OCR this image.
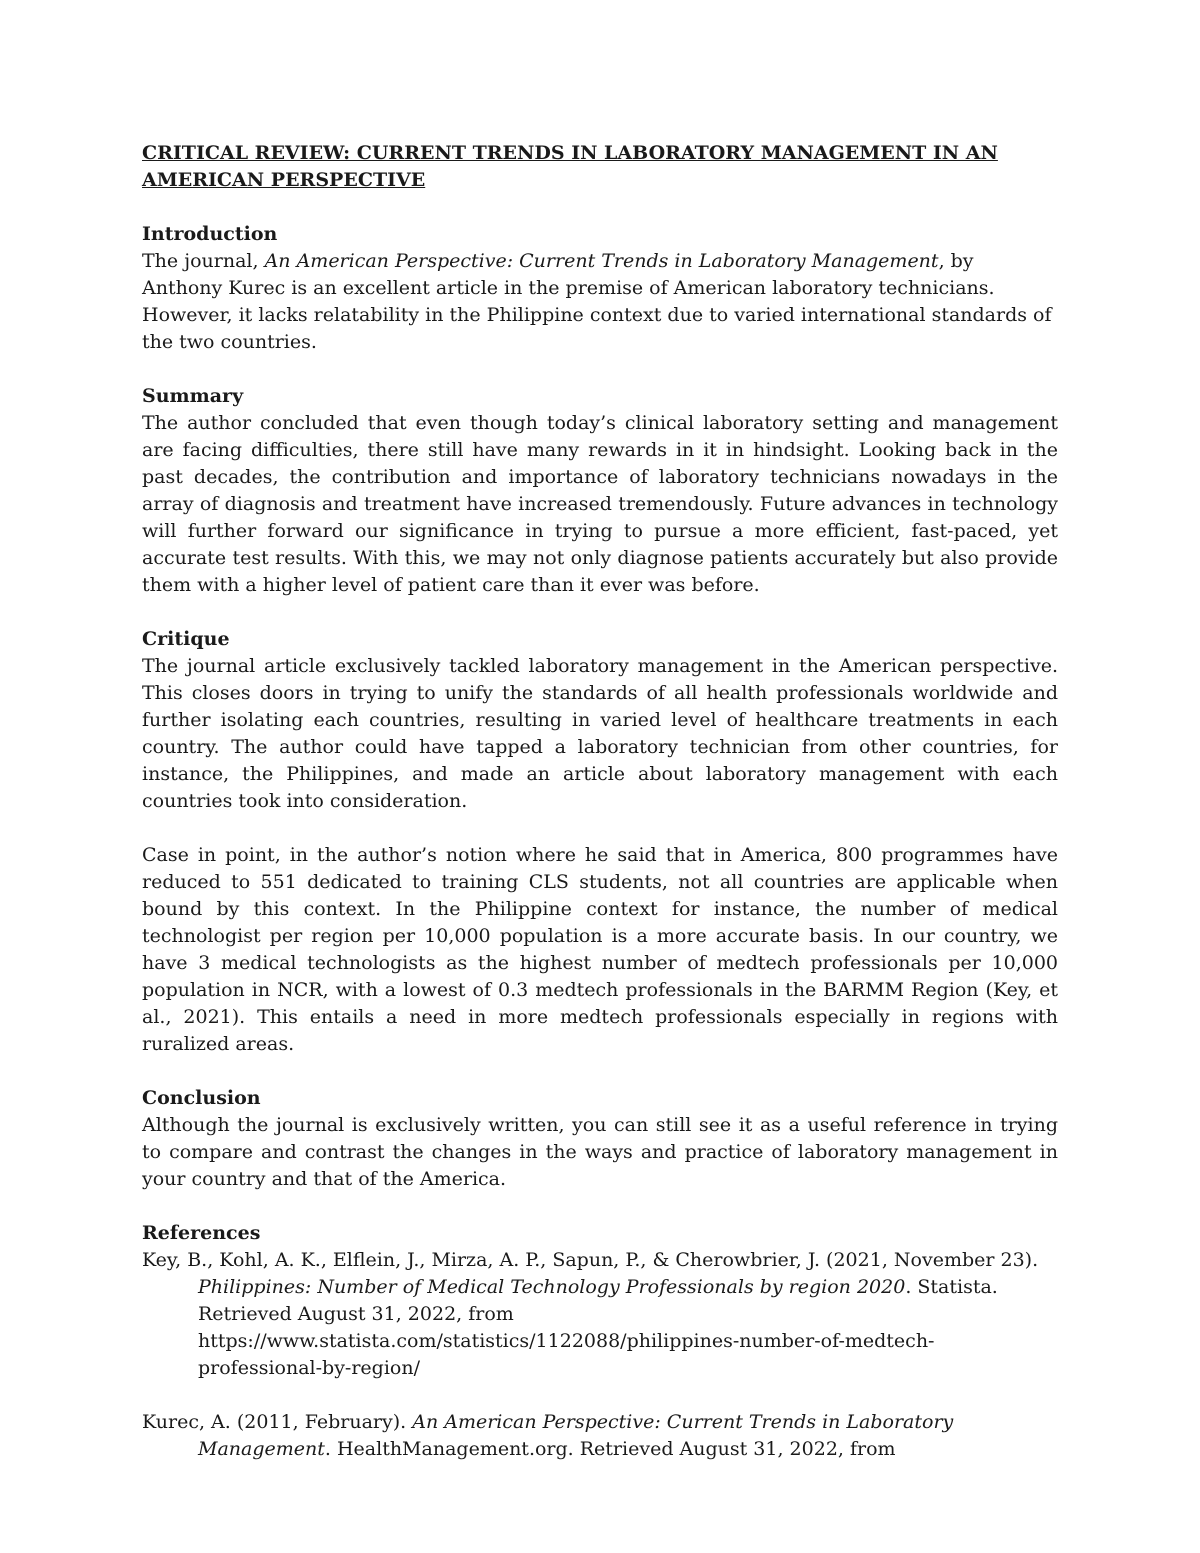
CRITICAL REVIEW: CURRENT TRENDS IN LABORATORY MANAGEMENT IN AN AMERICAN PERSPECTIVE

Introduction

The journal, An American Perspective: Current Trends in Laboratory Management, by Anthony Kurec is an excellent article in the premise of American laboratory technicians. However, it lacks relatability in the Philippine context due to varied international standards of the two countries.

Summary

The author concluded that even though today’s clinical laboratory setting and management are facing difficulties, there still have many rewards in it in hindsight. Looking back in the past decades, the contribution and importance of laboratory technicians nowadays in the array of diagnosis and treatment have increased tremendously. Future advances in technology will further forward our significance in trying to pursue a more efficient, fast-paced, yet accurate test results. With this, we may not only diagnose patients accurately but also provide them with a higher level of patient care than it ever was before.

Critique

The journal article exclusively tackled laboratory management in the American perspective. This closes doors in trying to unify the standards of all health professionals worldwide and further isolating each countries, resulting in varied level of healthcare treatments in each country. The author could have tapped a laboratory technician from other countries, for instance, the Philippines, and made an article about laboratory management with each countries took into consideration.

Case in point, in the author’s notion where he said that in America, 800 programmes have reduced to 551 dedicated to training CLS students, not all countries are applicable when bound by this context. In the Philippine context for instance, the number of medical technologist per region per 10,000 population is a more accurate basis. In our country, we have 3 medical technologists as the highest number of medtech professionals per 10,000 population in NCR, with a lowest of 0.3 medtech professionals in the BARMM Region (Key, et al., 2021). This entails a need in more medtech professionals especially in regions with ruralized areas.

Conclusion

Although the journal is exclusively written, you can still see it as a useful reference in trying to compare and contrast the changes in the ways and practice of laboratory management in your country and that of the America.

References

Key, B., Kohl, A. K., Elflein, J., Mirza, A. P., Sapun, P., & Cherowbrier, J. (2021, November 23). Philippines: Number of Medical Technology Professionals by region 2020. Statista. Retrieved August 31, 2022, from https://www.statista.com/statistics/1122088/philippines-number-of-medtech-professional-by-region/

Kurec, A. (2011, February). An American Perspective: Current Trends in Laboratory Management. HealthManagement.org. Retrieved August 31, 2022, from
